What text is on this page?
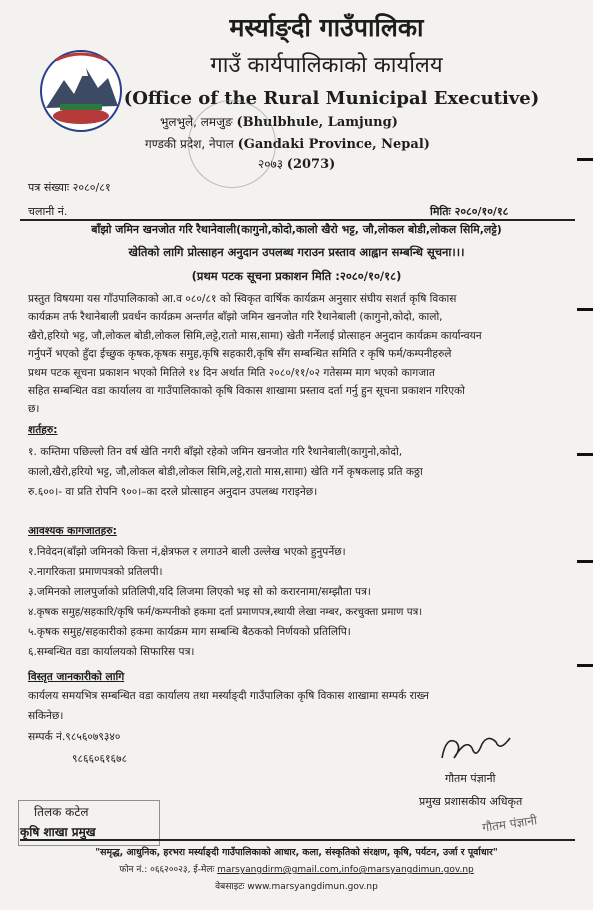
मर्स्याङ्दी गाउँपालिका
गाउँ कार्यपालिकाको कार्यालय
(Office of the Rural Municipal Executive)
भुलभुले, लमजुङ (Bhulbhule, Lamjung)
गण्डकी प्रदेश, नेपाल (Gandaki Province, Nepal)
२०७३ (2073)
पत्र संख्याः २०८०/८१
चलानी नं.	मितिः २०८०/१०/१८
बाँझो जमिन खनजोत गरि रैथानेवाली(कागुनो,कोदो,कालो खैरो भट्ट, जौ,लोकल बोडी,लोकल सिमि,लट्टे)
खेतिको लागि प्रोत्साहन अनुदान उपलब्ध गराउन प्रस्ताव आह्वान सम्बन्धि सूचना।।।
(प्रथम पटक सूचना प्रकाशन मिति :२०८०/१०/१८)
प्रस्तुत विषयमा यस गाँउपालिकाको आ.व ०८०/८१ को स्विकृत वार्षिक कार्यक्रम अनुसार संघीय सशर्त कृषि विकास
कार्यक्रम तर्फ रैथानेबाली प्रवर्धन कार्यक्रम अन्तर्गत बाँझो जमिन खनजोत गरि रैथानेबाली (कागुनो,कोदो, कालो,
खैरो,हरियो भट्ट, जौ,लोकल बोडी,लोकल सिमि,लट्टे,रातो मास,सामा) खेती गर्नेलाई प्रोत्साहन अनुदान कार्यक्रम कार्यान्वयन
गर्नुपर्ने भएको हुँदा ईच्छुक कृषक,कृषक समुह,कृषि सहकारी,कृषि सँग सम्बन्धित समिति र कृषि फर्म/कम्पनीहरुले
प्रथम पटक सूचना प्रकाशन भएको मितिले १४ दिन अर्थात मिति २०८०/११/०२ गतेसम्म माग भएको कागजात
सहित सम्बन्धित वडा कार्यालय वा गाउँपालिकाको कृषि विकास शाखामा प्रस्ताव दर्ता गर्नु हुन सूचना प्रकाशन गरिएको
छ।
शर्तहरु:
१. कम्तिमा पछिल्लो तिन वर्ष खेति नगरी बाँझो रहेको जमिन खनजोत गरि रैथानेबाली(कागुनो,कोदो,
कालो,खैरो,हरियो भट्ट, जौ,लोकल बोडी,लोकल सिमि,लट्टे,रातो मास,सामा) खेति गर्ने कृषकलाइ प्रति कठ्ठा
रु.६००।- वा प्रति रोपनि ९००।–का दरले प्रोत्साहन अनुदान उपलब्ध गराइनेछ।
आवश्यक कागजातहरु:
१.निवेदन(बाँझो जमिनको कित्ता नं,क्षेत्रफल र लगाउने बाली उल्लेख भएको हुनुपर्नेछ।
२.नागरिकता प्रमाणपत्रको प्रतिलपी।
३.जमिनको लालपुर्जाको प्रतिलिपी,यदि लिजमा लिएको भइ सो को करारनामा/सम्झौता पत्र।
४.कृषक समुह/सहकारि/कृषि फर्म/कम्पनीको हकमा दर्ता प्रमाणपत्र,स्थायी लेखा नम्बर, करचुक्ता प्रमाण पत्र।
५.कृषक समुह/सहकारीको हकमा कार्यक्रम माग सम्बन्धि बैठकको निर्णयको प्रतिलिपि।
६.सम्बन्धित वडा कार्यालयको सिफारिस पत्र।
विस्तृत जानकारीको लागि
कार्यलय समयभित्र सम्बन्धित वडा कार्यालय तथा मर्स्याङ्दी गाउँपालिका कृषि विकास शाखामा सम्पर्क राख्न
सकिनेछ।
सम्पर्क नं.९८५६०७९३४०
९८६६०६१६७८
गौतम पंज्ञानी
प्रमुख प्रशासकीय अधिकृत
तिलक कटेल
कृषि शाखा प्रमुख	गौतम पंज्ञानी
"समृद्ध, आधुनिक, हरभरा मर्स्याङ्दी गाउँपालिकाको आधार, कला, संस्कृतिको संरक्षण, कृषि, पर्यटन, उर्जा र पूर्वाधार"
फोन नं.: ०६६२००२३, ई-मेलः marsyangdirm@gmail.com,info@marsyangdimun.gov.np
वेबसाइटः www.marsyangdimun.gov.np
